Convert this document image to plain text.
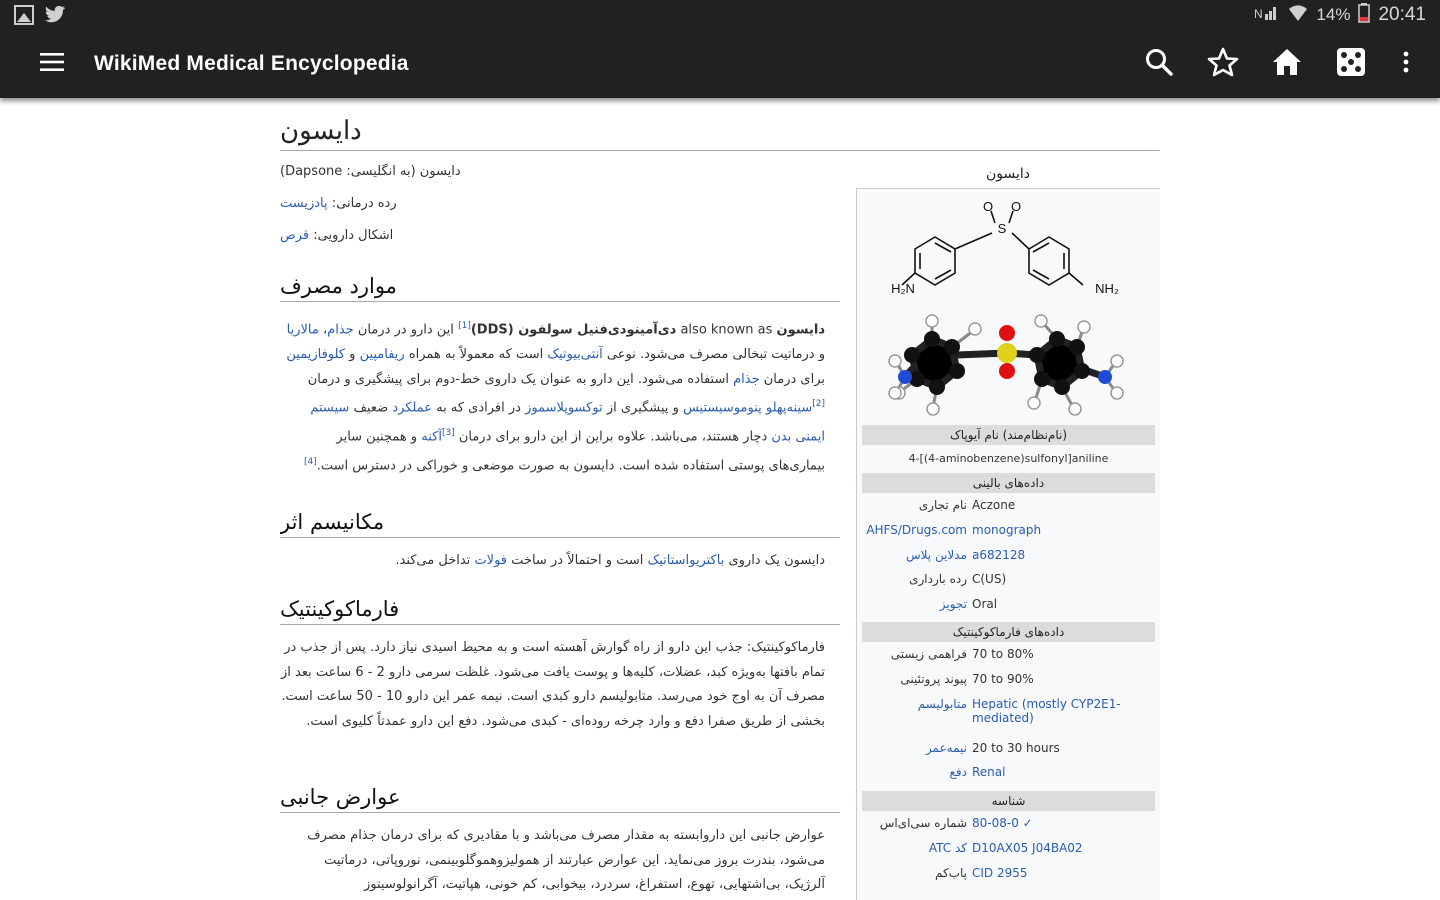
N	14% 20:41
WikiMed Medical Encyclopedia
دایسون
دایسون (به انگلیسی: Dapsone)
رده درمانی: پادزیست
اشکال دارویی: قرص
موارد مصرف
دایسون also known as دی‌آمینودی‌فنیل سولفون (DDS)[1] این دارو در درمان جذام، مالاریا و درماتیت تبخالی مصرف می‌شود. نوعی آنتی‌بیوتیک است که معمولاً به همراه ریفامپین و کلوفازیمین برای درمان جذام استفاده می‌شود. این دارو به عنوان یک داروی خط-دوم برای پیشگیری و درمان [2]سینه‌پهلو پنوموسیستیس و پیشگیری از توکسوپلاسموز در افرادی که به عملکرد ضعیف سیستم ایمنی بدن دچار هستند، می‌باشد. علاوه براین از این دارو برای درمان [3]آکنه و همچنین سایر بیماری‌های پوستی استفاده شده است. دایسون به صورت موضعی و خوراکی در دسترس است.[4]
مکانیسم اثر
دایسون یک داروی باکتریواستاتیک است و احتمالاً در ساخت فولات تداخل می‌کند.
فارماکوکینتیک
فارماکوکینتیک: جذب این دارو از راه گوارش آهسته است و به محیط اسیدی نیاز دارد. پس از جذب در تمام بافتها به‌ویژه کبد، عضلات، کلیه‌ها و پوست یافت می‌شود. غلظت سرمی دارو 2 - 6 ساعت بعد از مصرف آن به اوج خود می‌رسد. متابولیسم دارو کبدی است. نیمه عمر این دارو 10 - 50 ساعت است. بخشی از طریق صفرا دفع و وارد چرخه روده‌ای - کبدی می‌شود. دفع این دارو عمدتاً کلیوی است.
عوارض جانبی
عوارض جانبی این داروابسته به مقدار مصرف می‌باشد و با مقادیری که برای درمان جذام مصرف می‌شود، بندرت بروز می‌نماید. این عوارض عبارتند از همولیزوهموگلوبینمی، نوروپاتی، درماتیت آلرژیک، بی‌اشتهایی، تهوع، استفراغ، سردرد، بیخوابی، کم خونی، هپاتیت، آگرانولوسیتوز
دایسون
S
O O
H₂N	NH₂
(نام‌نظام‌مند) نام آیوپاک
4-[(4-aminobenzene)sulfonyl]aniline
داده‌های بالینی
Aczone
نام تجاری
monograph
AHFS/Drugs.com
a682128
مدلاین پلاس
C(US)
رده بارداری
Oral
تجویز
داده‌های فارماکوکینتیک
70 to 80%
فراهمی زیستی
70 to 90%
پیوند پروتئینی
Hepatic (mostly CYP2E1-mediated)
متابولیسم
20 to 30 hours
نیمه‌عمر
Renal
دفع
شناسه
80-08-0 ✓
شماره سی‌ای‌اس
D10AX05 J04BA02
کد ATC
CID 2955
پاب‌کم
